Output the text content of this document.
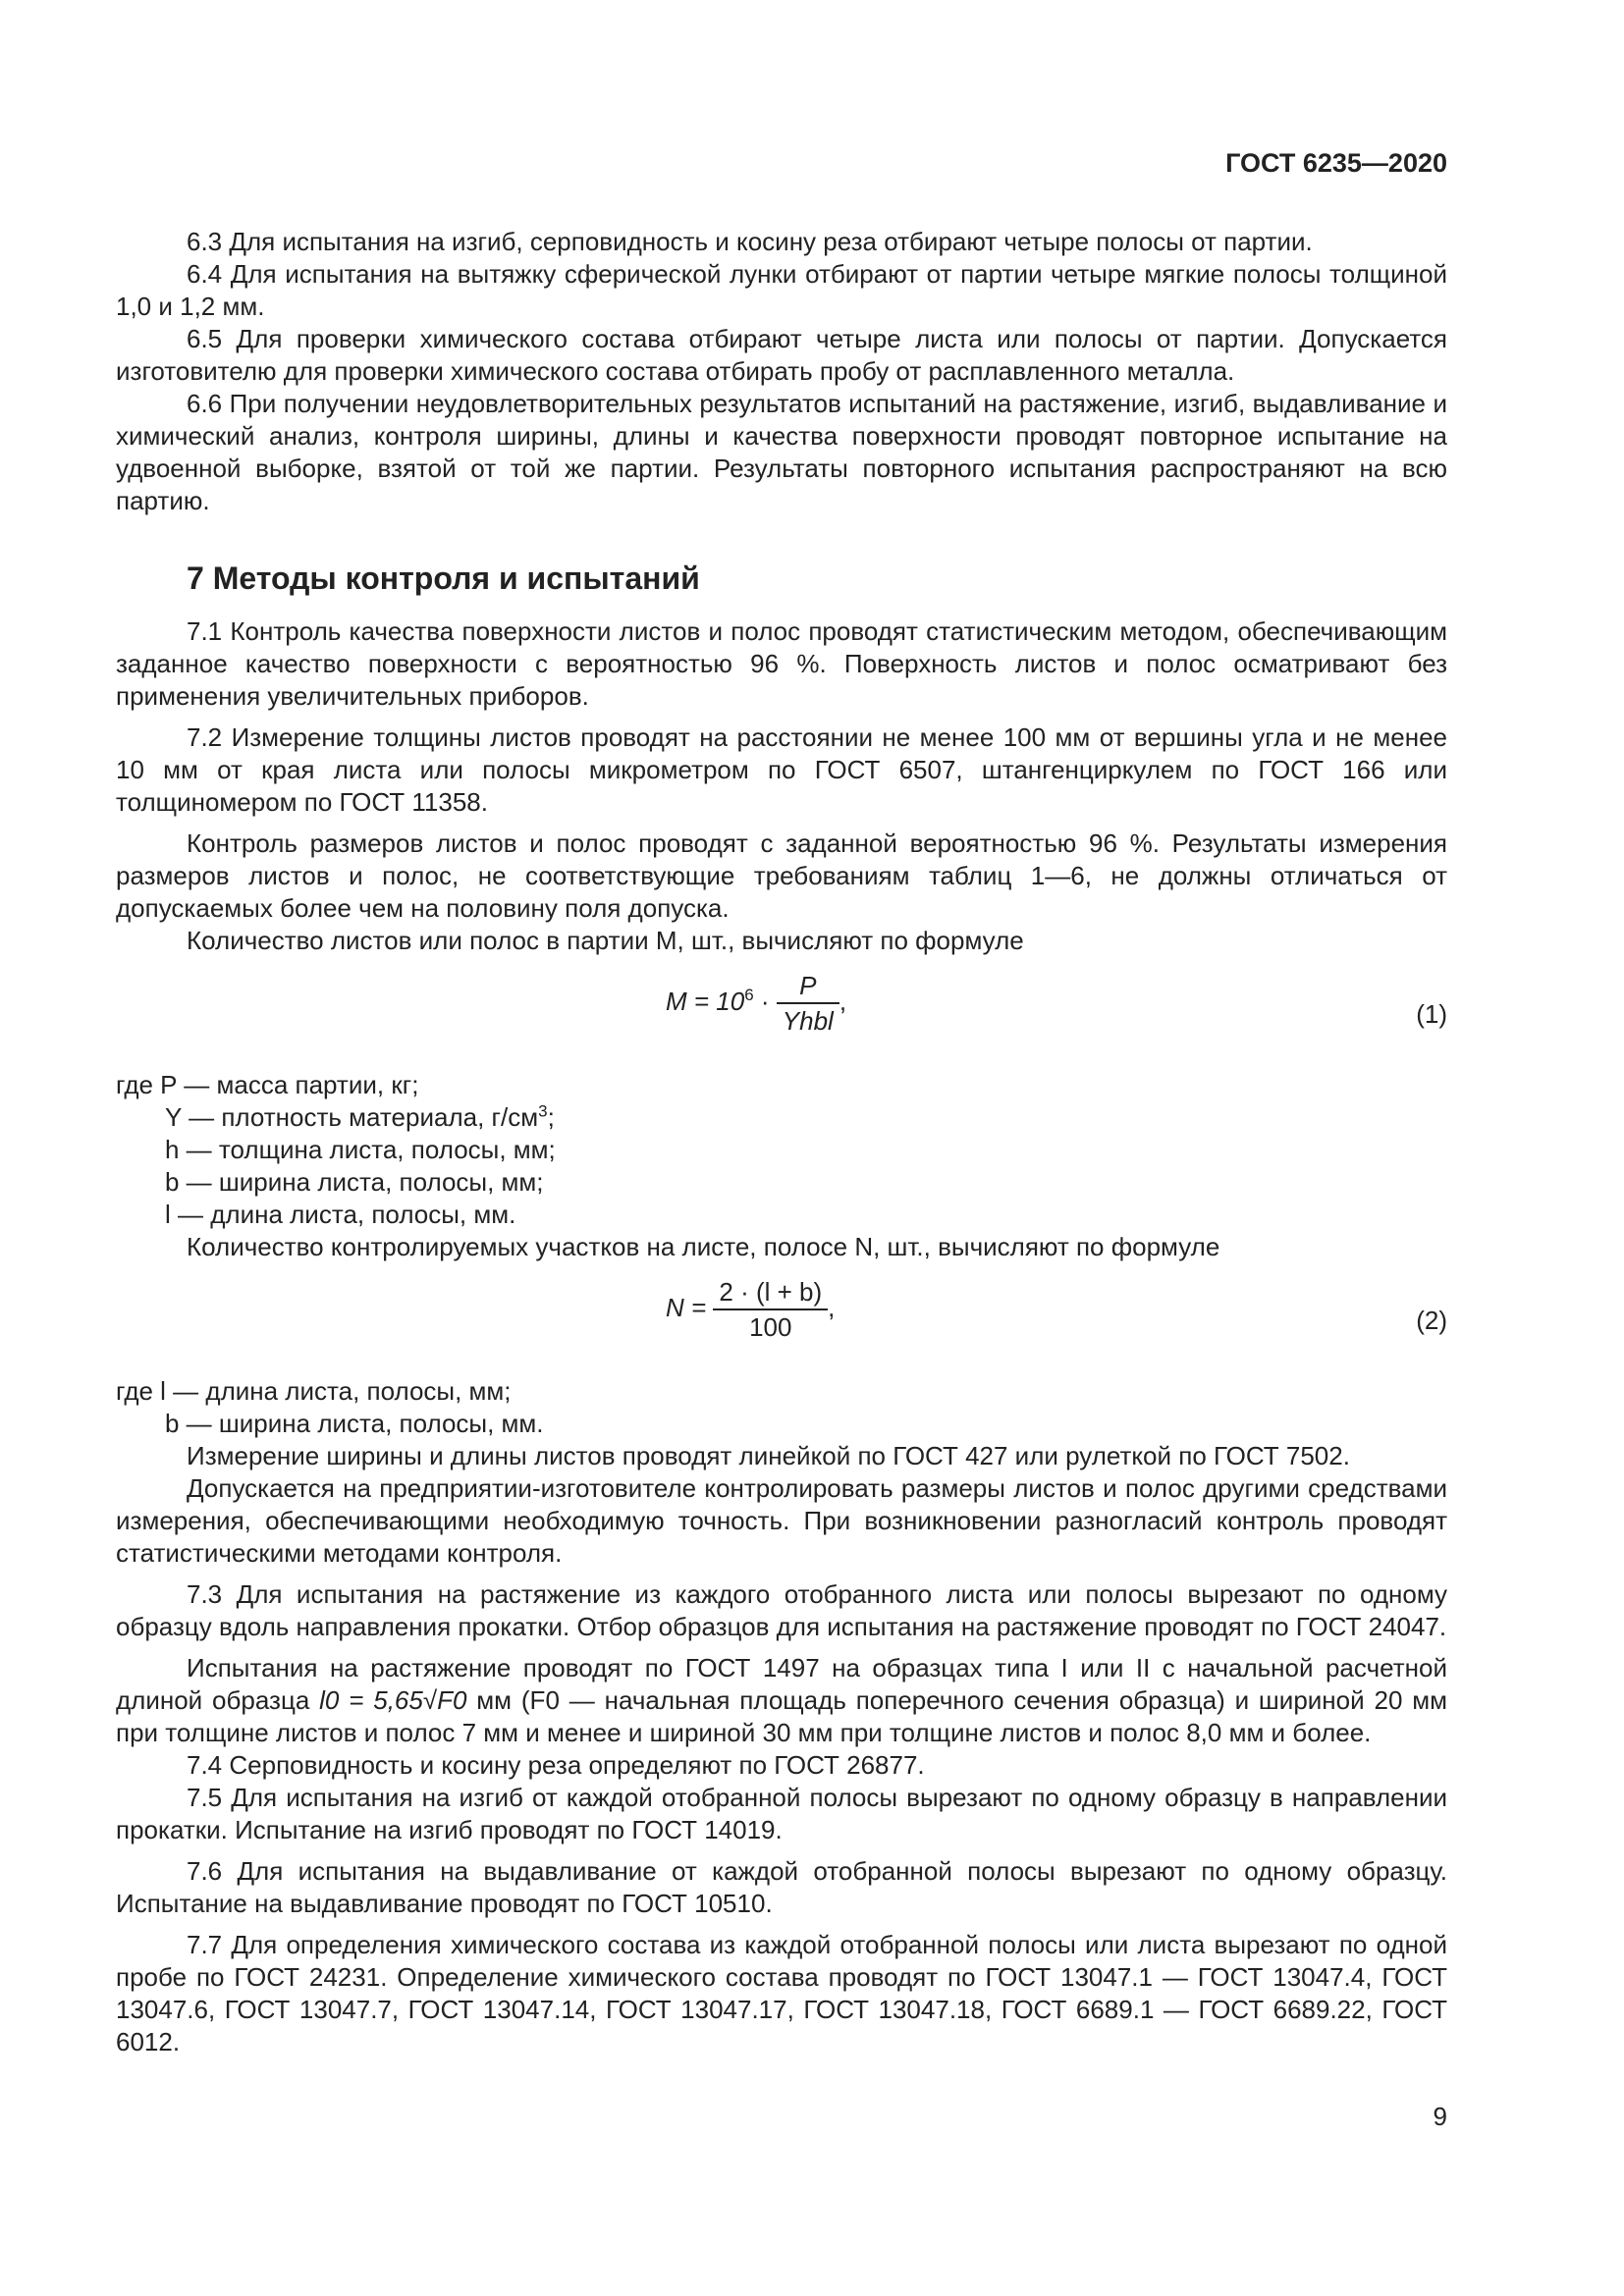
ГОСТ 6235—2020

6.3 Для испытания на изгиб, серповидность и косину реза отбирают четыре полосы от партии.

6.4 Для испытания на вытяжку сферической лунки отбирают от партии четыре мягкие полосы толщиной 1,0 и 1,2 мм.

6.5 Для проверки химического состава отбирают четыре листа или полосы от партии. Допускается изготовителю для проверки химического состава отбирать пробу от расплавленного металла.

6.6 При получении неудовлетворительных результатов испытаний на растяжение, изгиб, выдавливание и химический анализ, контроля ширины, длины и качества поверхности проводят повторное испытание на удвоенной выборке, взятой от той же партии. Результаты повторного испытания распространяют на всю партию.

7 Методы контроля и испытаний

7.1 Контроль качества поверхности листов и полос проводят статистическим методом, обеспечивающим заданное качество поверхности с вероятностью 96 %. Поверхность листов и полос осматривают без применения увеличительных приборов.

7.2 Измерение толщины листов проводят на расстоянии не менее 100 мм от вершины угла и не менее 10 мм от края листа или полосы микрометром по ГОСТ 6507, штангенциркулем по ГОСТ 166 или толщиномером по ГОСТ 11358.

Контроль размеров листов и полос проводят с заданной вероятностью 96 %. Результаты измерения размеров листов и полос, не соответствующие требованиям таблиц 1—6, не должны отличаться от допускаемых более чем на половину поля допуска.

Количество листов или полос в партии M, шт., вычисляют по формуле

$M = 10^6 \cdot \frac{P}{\text{Yhbl}}$ ,	(1)

где P — масса партии, кг;

Y — плотность материала, $г/см^3$;

h — толщина листа, полосы, мм;

b — ширина листа, полосы, мм;

l — длина листа, полосы, мм.

Количество контролируемых участков на листе, полосе N, шт., вычисляют по формуле

$N = \frac{2 \cdot (l + b)}{100}$ ,	(2)

где l — длина листа, полосы, мм;

b — ширина листа, полосы, мм.

Измерение ширины и длины листов проводят линейкой по ГОСТ 427 или рулеткой по ГОСТ 7502.

Допускается на предприятии-изготовителе контролировать размеры листов и полос другими средствами измерения, обеспечивающими необходимую точность. При возникновении разногласий контроль проводят статистическими методами контроля.

7.3 Для испытания на растяжение из каждого отобранного листа или полосы вырезают по одному образцу вдоль направления прокатки. Отбор образцов для испытания на растяжение проводят по ГОСТ 24047.

Испытания на растяжение проводят по ГОСТ 1497 на образцах типа I или II с начальной расчетной длиной образца l0 = 5,65√F0 мм (F0 — начальная площадь поперечного сечения образца) и шириной 20 мм при толщине листов и полос 7 мм и менее и шириной 30 мм при толщине листов и полос 8,0 мм и более.

7.4 Серповидность и косину реза определяют по ГОСТ 26877.

7.5 Для испытания на изгиб от каждой отобранной полосы вырезают по одному образцу в направлении прокатки. Испытание на изгиб проводят по ГОСТ 14019.

7.6 Для испытания на выдавливание от каждой отобранной полосы вырезают по одному образцу. Испытание на выдавливание проводят по ГОСТ 10510.

7.7 Для определения химического состава из каждой отобранной полосы или листа вырезают по одной пробе по ГОСТ 24231. Определение химического состава проводят по ГОСТ 13047.1 — ГОСТ 13047.4, ГОСТ 13047.6, ГОСТ 13047.7, ГОСТ 13047.14, ГОСТ 13047.17, ГОСТ 13047.18, ГОСТ 6689.1 — ГОСТ 6689.22, ГОСТ 6012.

9
